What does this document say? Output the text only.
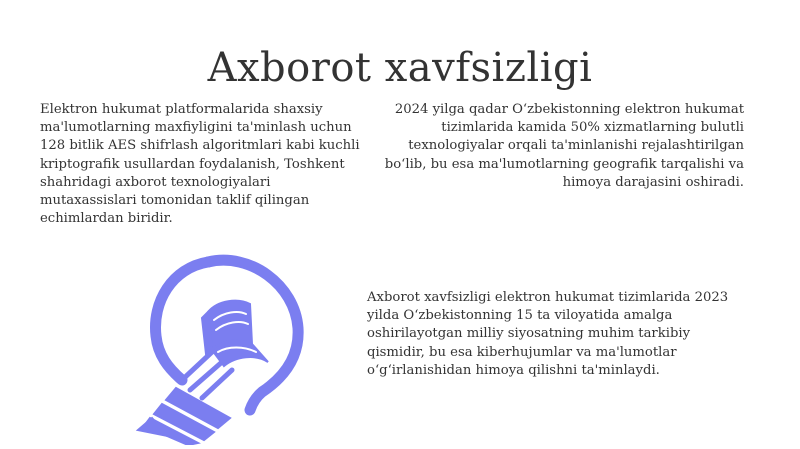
Axborot xavfsizligi
Elektron hukumat platformalarida shaxsiy ma'lumotlarning maxfiyligini ta'minlash uchun 128 bitlik AES shifrlash algoritmlari kabi kuchli kriptografik usullardan foydalanish, Toshkent shahridagi axborot texnologiyalari mutaxassislari tomonidan taklif qilingan echimlardan biridir.
2024 yilga qadar O‘zbekistonning elektron hukumat tizimlarida kamida 50% xizmatlarning bulutli texnologiyalar orqali ta'minlanishi rejalashtirilgan bo‘lib, bu esa ma'lumotlarning geografik tarqalishi va himoya darajasini oshiradi.
Axborot xavfsizligi elektron hukumat tizimlarida 2023 yilda O‘zbekistonning 15 ta viloyatida amalga oshirilayotgan milliy siyosatning muhim tarkibiy qismidir, bu esa kiberhujumlar va ma'lumotlar o‘g‘irlanishidan himoya qilishni ta'minlaydi.
